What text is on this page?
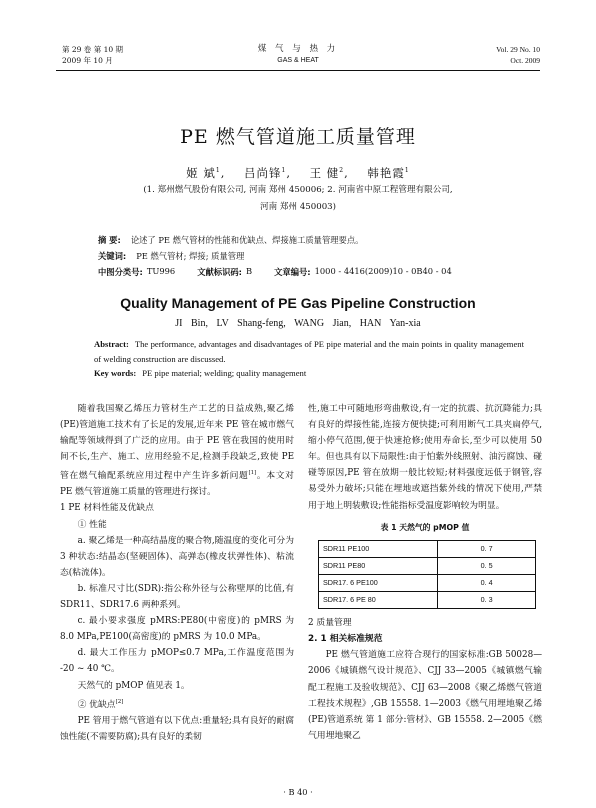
第 29 卷 第 10 期
2009 年 10 月
煤 气 与 热 力
GAS & HEAT
Vol. 29 No. 10
Oct. 2009
PE 燃气管道施工质量管理
姬 斌$^1$,    吕尚锋$^1$,    王 健$^2$,    韩艳霞$^1$
(1. 郑州燃气股份有限公司, 河南 郑州 450006; 2. 河南省中原工程管理有限公司,
河南 郑州 450003)
摘 要: 论述了 PE 燃气管材的性能和优缺点、焊接施工质量管理要点。
关键词: PE 燃气管材; 焊接; 质量管理
中图分类号: TU996	文献标识码: B	文章编号: 1000 - 4416(2009)10 - 0B40 - 04
Quality Management of PE Gas Pipeline Construction
JI Bin, LV Shang-feng, WANG Jian, HAN Yan-xia
Abstract: The performance, advantages and disadvantages of PE pipe material and the main points in quality management of welding construction are discussed.
Key words: PE pipe material; welding; quality management

随着我国聚乙烯压力管材生产工艺的日益成熟,聚乙烯(PE)管道施工技术有了长足的发展,近年来 PE 管在城市燃气输配等领域得到了广泛的应用。由于 PE 管在我国的使用时间不长,生产、施工、应用经验不足,检测手段缺乏,致使 PE 管在燃气输配系统应用过程中产生许多新问题[1]。本文对 PE 燃气管道施工质量的管理进行探讨。

1 PE 材料性能及优缺点

① 性能

a. 聚乙烯是一种高结晶度的聚合物,随温度的变化可分为 3 种状态:结晶态(坚硬固体)、高弹态(橡皮状弹性体)、粘流态(粘流体)。

b. 标准尺寸比(SDR):指公称外径与公称壁厚的比值,有 SDR11、SDR17.6 两种系列。

c. 最小要求强度 pMRS:PE80(中密度)的 pMRS 为 8.0 MPa,PE100(高密度)的 pMRS 为 10.0 MPa。

d. 最大工作压力 pMOP≤0.7 MPa,工作温度范围为 -20 ~ 40 ℃。

天然气的 pMOP 值见表 1。

② 优缺点[2]

PE 管用于燃气管道有以下优点:重量轻;具有良好的耐腐蚀性能(不需要防腐);具有良好的柔韧

性,施工中可随地形弯曲敷设,有一定的抗震、抗沉降能力;具有良好的焊接性能,连接方便快捷;可利用断气工具夹扁停气,缩小停气范围,便于快速抢修;使用寿命长,至少可以使用 50 年。但也具有以下局限性:由于怕紫外线照射、油污腐蚀、碰碰等原因,PE 管在放期一般比较短;材料强度远低于钢管,容易受外力破坏;只能在埋地或遮挡紫外线的情况下使用,严禁用于地上明装敷设;性能指标受温度影响较为明显。

表 1 天然气的 pMOP 值
SDR11 PE100	0. 7
SDR11 PE80	0. 5
SDR17. 6 PE100	0. 4
SDR17. 6 PE 80	0. 3

2 质量管理

2. 1 相关标准规范

PE 燃气管道施工应符合现行的国家标准:GB 50028—2006《城镇燃气设计规范》、CJJ 33—2005《城镇燃气输配工程施工及验收规范》、CJJ 63—2008《聚乙烯燃气管道工程技术规程》,GB 15558. 1—2003《燃气用埋地聚乙烯(PE)管道系统 第 1 部分:管材》、GB 15558. 2—2005《燃气用埋地聚乙

· B 40 ·
